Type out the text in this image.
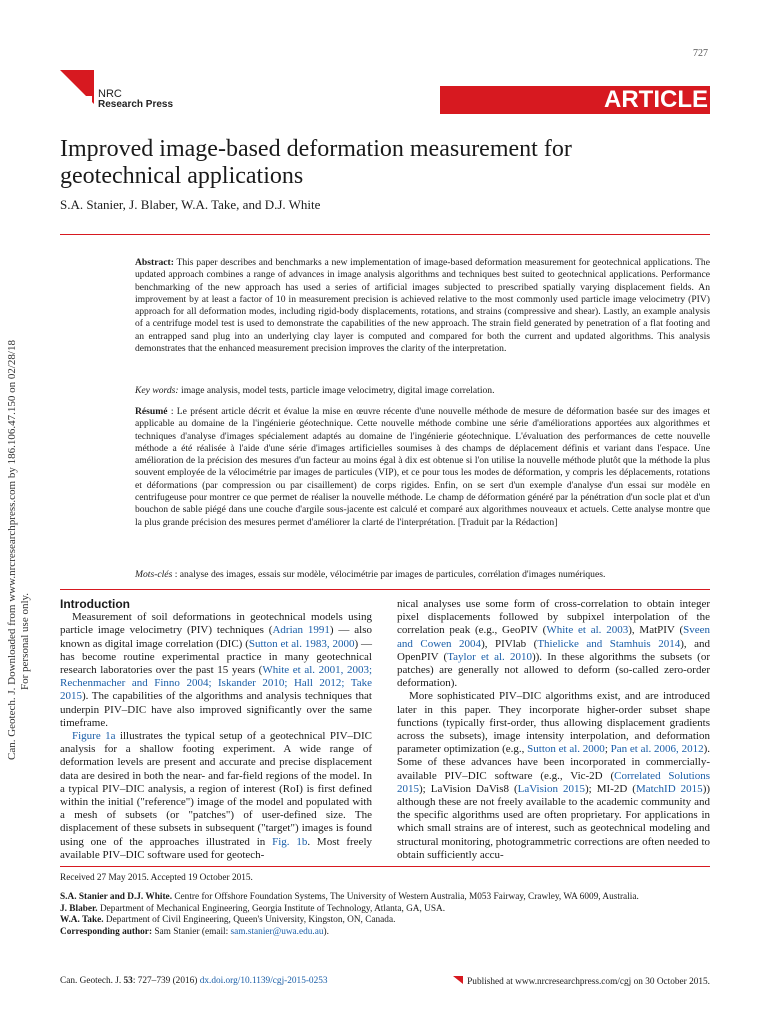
727
NRC
Research Press	ARTICLE
Improved image-based deformation measurement for geotechnical applications
S.A. Stanier, J. Blaber, W.A. Take, and D.J. White
Can. Geotech. J. Downloaded from www.nrcresearchpress.com by 186.106.47.150 on 02/28/18 For personal use only.
Abstract: This paper describes and benchmarks a new implementation of image-based deformation measurement for geotechnical applications. The updated approach combines a range of advances in image analysis algorithms and techniques best suited to geotechnical applications. Performance benchmarking of the new approach has used a series of artificial images subjected to prescribed spatially varying displacement fields. An improvement by at least a factor of 10 in measurement precision is achieved relative to the most commonly used particle image velocimetry (PIV) approach for all deformation modes, including rigid-body displacements, rotations, and strains (compressive and shear). Lastly, an example analysis of a centrifuge model test is used to demonstrate the capabilities of the new approach. The strain field generated by penetration of a flat footing and an entrapped sand plug into an underlying clay layer is computed and compared for both the current and updated algorithms. This analysis demonstrates that the enhanced measurement precision improves the clarity of the interpretation.
Key words: image analysis, model tests, particle image velocimetry, digital image correlation.
Résumé : Le présent article décrit et évalue la mise en œuvre récente d'une nouvelle méthode de mesure de déformation basée sur des images et applicable au domaine de la l'ingénierie géotechnique. Cette nouvelle méthode combine une série d'améliorations apportées aux algorithmes et techniques d'analyse d'images spécialement adaptés au domaine de l'ingénierie géotechnique. L'évaluation des performances de cette nouvelle méthode a été réalisée à l'aide d'une série d'images artificielles soumises à des champs de déplacement définis et variant dans l'espace. Une amélioration de la précision des mesures d'un facteur au moins égal à dix est obtenue si l'on utilise la nouvelle méthode plutôt que la méthode la plus souvent employée de la vélocimétrie par images de particules (VIP), et ce pour tous les modes de déformation, y compris les déplacements, rotations et déformations (par compression ou par cisaillement) de corps rigides. Enfin, on se sert d'un exemple d'analyse d'un essai sur modèle en centrifugeuse pour montrer ce que permet de réaliser la nouvelle méthode. Le champ de déformation généré par la pénétration d'un socle plat et d'un bouchon de sable piégé dans une couche d'argile sous-jacente est calculé et comparé aux algorithmes nouveaux et actuels. Cette analyse montre que la plus grande précision des mesures permet d'améliorer la clarté de l'interprétation. [Traduit par la Rédaction]
Mots-clés : analyse des images, essais sur modèle, vélocimétrie par images de particules, corrélation d'images numériques.

Introduction

Measurement of soil deformations in geotechnical models using particle image velocimetry (PIV) techniques (Adrian 1991) — also known as digital image correlation (DIC) (Sutton et al. 1983, 2000) — has become routine experimental practice in many geotechnical research laboratories over the past 15 years (White et al. 2001, 2003; Rechenmacher and Finno 2004; Iskander 2010; Hall 2012; Take 2015). The capabilities of the algorithms and analysis techniques that underpin PIV–DIC have also improved significantly over the same timeframe.

Figure 1a illustrates the typical setup of a geotechnical PIV–DIC analysis for a shallow footing experiment. A wide range of deformation levels are present and accurate and precise displacement data are desired in both the near- and far-field regions of the model. In a typical PIV–DIC analysis, a region of interest (RoI) is first defined within the initial ("reference") image of the model and populated with a mesh of subsets (or "patches") of user-defined size. The displacement of these subsets in subsequent ("target") images is found using one of the approaches illustrated in Fig. 1b. Most freely available PIV–DIC software used for geotech-

nical analyses use some form of cross-correlation to obtain integer pixel displacements followed by subpixel interpolation of the correlation peak (e.g., GeoPIV (White et al. 2003), MatPIV (Sveen and Cowen 2004), PIVlab (Thielicke and Stamhuis 2014), and OpenPIV (Taylor et al. 2010)). In these algorithms the subsets (or patches) are generally not allowed to deform (so-called zero-order deformation).

More sophisticated PIV–DIC algorithms exist, and are introduced later in this paper. They incorporate higher-order subset shape functions (typically first-order, thus allowing displacement gradients across the subsets), image intensity interpolation, and deformation parameter optimization (e.g., Sutton et al. 2000; Pan et al. 2006, 2012). Some of these advances have been incorporated in commercially-available PIV–DIC software (e.g., Vic-2D (Correlated Solutions 2015); LaVision DaVis8 (LaVision 2015); MI-2D (MatchID 2015)) although these are not freely available to the academic community and the specific algorithms used are often proprietary. For applications in which small strains are of interest, such as geotechnical modeling and structural monitoring, photogrammetric corrections are often needed to obtain sufficiently accu-

Received 27 May 2015. Accepted 19 October 2015.
S.A. Stanier and D.J. White. Centre for Offshore Foundation Systems, The University of Western Australia, M053 Fairway, Crawley, WA 6009, Australia.
J. Blaber. Department of Mechanical Engineering, Georgia Institute of Technology, Atlanta, GA, USA.
W.A. Take. Department of Civil Engineering, Queen's University, Kingston, ON, Canada.
Corresponding author: Sam Stanier (email: sam.stanier@uwa.edu.au).
Can. Geotech. J. 53: 727–739 (2016) dx.doi.org/10.1139/cgj-2015-0253	Published at www.nrcresearchpress.com/cgj on 30 October 2015.
